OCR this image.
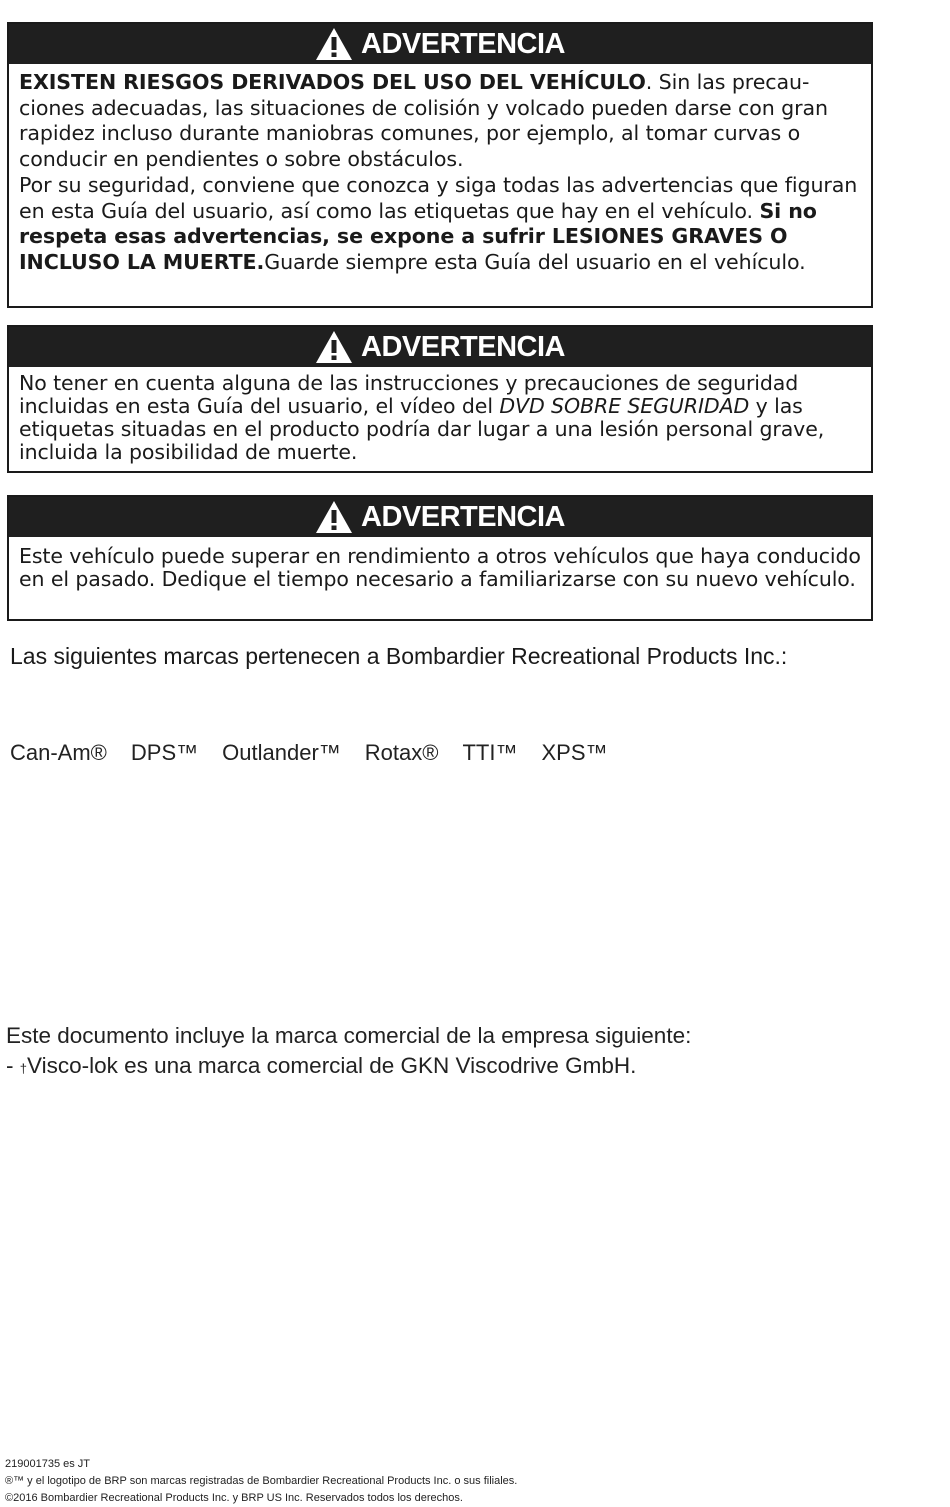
ADVERTENCIA
EXISTEN RIESGOS DERIVADOS DEL USO DEL VEHÍCULO. Sin las precau-ciones adecuadas, las situaciones de colisión y volcado pueden darse con gran rapidez incluso durante maniobras comunes, por ejemplo, al tomar curvas o conducir en pendientes o sobre obstáculos.
Por su seguridad, conviene que conozca y siga todas las advertencias que figuran en esta Guía del usuario, así como las etiquetas que hay en el vehículo. Si no respeta esas advertencias, se expone a sufrir LESIONES GRAVES O INCLUSO LA MUERTE.Guarde siempre esta Guía del usuario en el vehículo.
ADVERTENCIA
No tener en cuenta alguna de las instrucciones y precauciones de seguridad incluidas en esta Guía del usuario, el vídeo del DVD SOBRE SEGURIDAD y las etiquetas situadas en el producto podría dar lugar a una lesión personal grave, incluida la posibilidad de muerte.
ADVERTENCIA
Este vehículo puede superar en rendimiento a otros vehículos que haya conducido en el pasado. Dedique el tiempo necesario a familiarizarse con su nuevo vehículo.
Las siguientes marcas pertenecen a Bombardier Recreational Products Inc.:
Can-Am® DPS™ Outlander™ Rotax® TTI™ XPS™
Este documento incluye la marca comercial de la empresa siguiente:
- †Visco-lok es una marca comercial de GKN Viscodrive GmbH.
219001735 es JT
®™ y el logotipo de BRP son marcas registradas de Bombardier Recreational Products Inc. o sus filiales.
©2016 Bombardier Recreational Products Inc. y BRP US Inc. Reservados todos los derechos.
